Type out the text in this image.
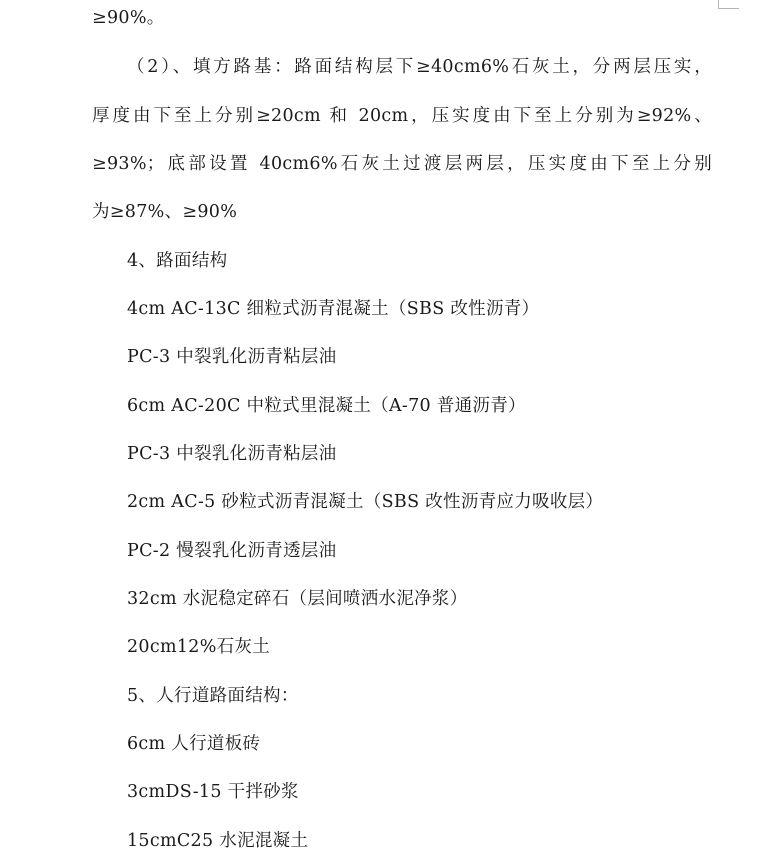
≥90%。
（2）、填方路基：路面结构层下≥40cm6%石灰土，分两层压实，
厚度由下至上分别≥20cm 和 20cm，压实度由下至上分别为≥92%、
≥93%；底部设置 40cm6%石灰土过渡层两层，压实度由下至上分别
为≥87%、≥90%
4、路面结构
4cm AC-13C 细粒式沥青混凝土（SBS 改性沥青）
PC-3 中裂乳化沥青粘层油
6cm AC-20C 中粒式里混凝土（A-70 普通沥青）
PC-3 中裂乳化沥青粘层油
2cm AC-5 砂粒式沥青混凝土（SBS 改性沥青应力吸收层）
PC-2 慢裂乳化沥青透层油
32cm 水泥稳定碎石（层间喷洒水泥净浆）
20cm12%石灰土
5、人行道路面结构：
6cm 人行道板砖
3cmDS-15 干拌砂浆
15cmC25 水泥混凝土
